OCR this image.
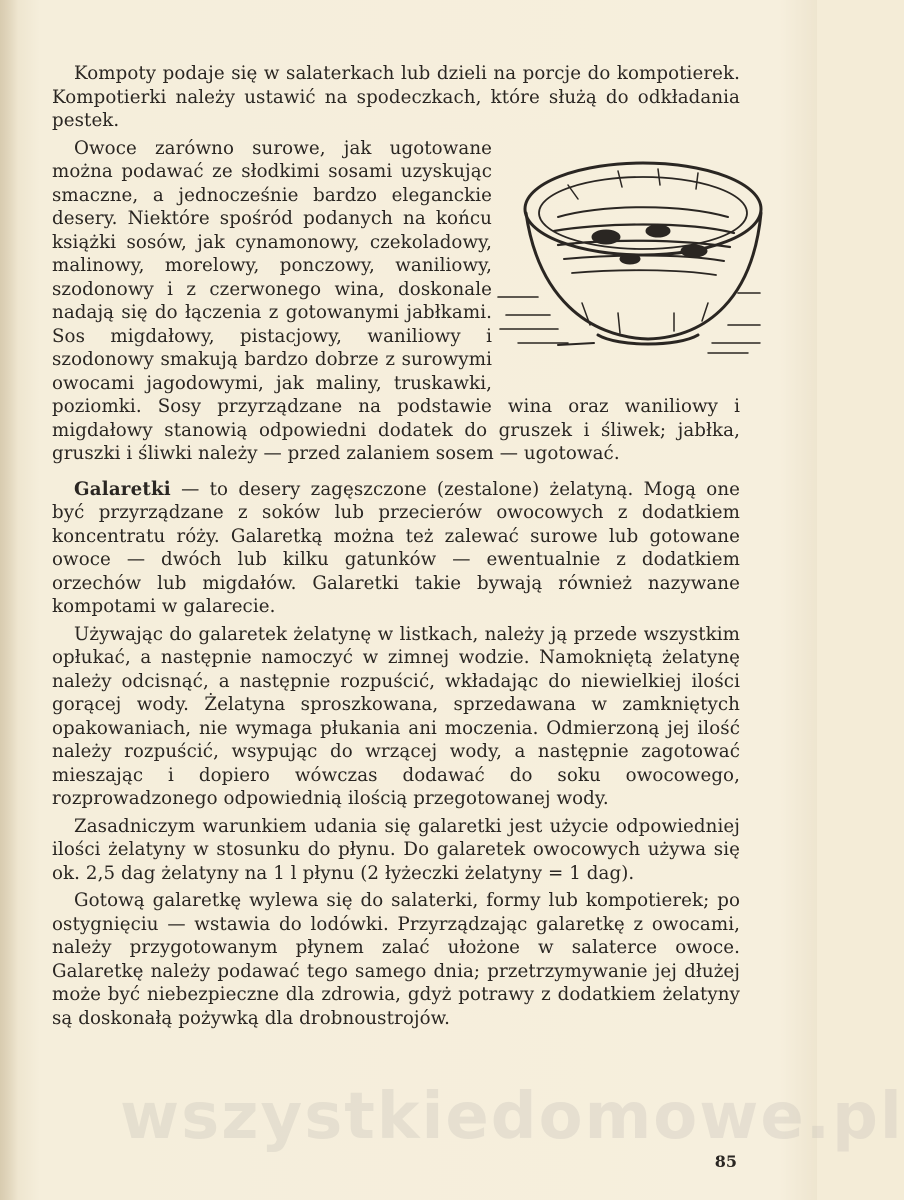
Kompoty podaje się w salaterkach lub dzieli na porcje do kompotierek. Kompotierki należy ustawić na spodeczkach, które służą do odkładania pestek.

Owoce zarówno surowe, jak ugotowane można podawać ze słodkimi sosami uzyskując smaczne, a jednocześnie bardzo eleganckie desery. Niektóre spośród podanych na końcu książki sosów, jak cynamonowy, czekoladowy, malinowy, morelowy, ponczowy, waniliowy, szodonowy i z czerwonego wina, doskonale nadają się do łączenia z gotowanymi jabłkami. Sos migdałowy, pistacjowy, waniliowy i szodonowy smakują bardzo dobrze z surowymi owocami jagodowymi, jak maliny, truskawki, poziomki. Sosy przyrządzane na podstawie wina oraz waniliowy i migdałowy stanowią odpowiedni dodatek do gruszek i śliwek; jabłka, gruszki i śliwki należy — przed zalaniem sosem — ugotować.

Galaretki — to desery zagęszczone (zestalone) żelatyną. Mogą one być przyrządzane z soków lub przecierów owocowych z dodatkiem koncentratu róży. Galaretką można też zalewać surowe lub gotowane owoce — dwóch lub kilku gatunków — ewentualnie z dodatkiem orzechów lub migdałów. Galaretki takie bywają również nazywane kompotami w galarecie.

Używając do galaretek żelatynę w listkach, należy ją przede wszystkim opłukać, a następnie namoczyć w zimnej wodzie. Namokniętą żelatynę należy odcisnąć, a następnie rozpuścić, wkładając do niewielkiej ilości gorącej wody. Żelatyna sproszkowana, sprzedawana w zamkniętych opakowaniach, nie wymaga płukania ani moczenia. Odmierzoną jej ilość należy rozpuścić, wsypując do wrzącej wody, a następnie zagotować mieszając i dopiero wówczas dodawać do soku owocowego, rozprowadzonego odpowiednią ilością przegotowanej wody.

Zasadniczym warunkiem udania się galaretki jest użycie odpowiedniej ilości żelatyny w stosunku do płynu. Do galaretek owocowych używa się ok. 2,5 dag żelatyny na 1 l płynu (2 łyżeczki żelatyny = 1 dag).

Gotową galaretkę wylewa się do salaterki, formy lub kompotierek; po ostygnięciu — wstawia do lodówki. Przyrządzając galaretkę z owocami, należy przygotowanym płynem zalać ułożone w salaterce owoce. Galaretkę należy podawać tego samego dnia; przetrzymywanie jej dłużej może być niebezpieczne dla zdrowia, gdyż potrawy z dodatkiem żelatyny są doskonałą pożywką dla drobnoustrojów.

wszystkiedomowe.pl
85
